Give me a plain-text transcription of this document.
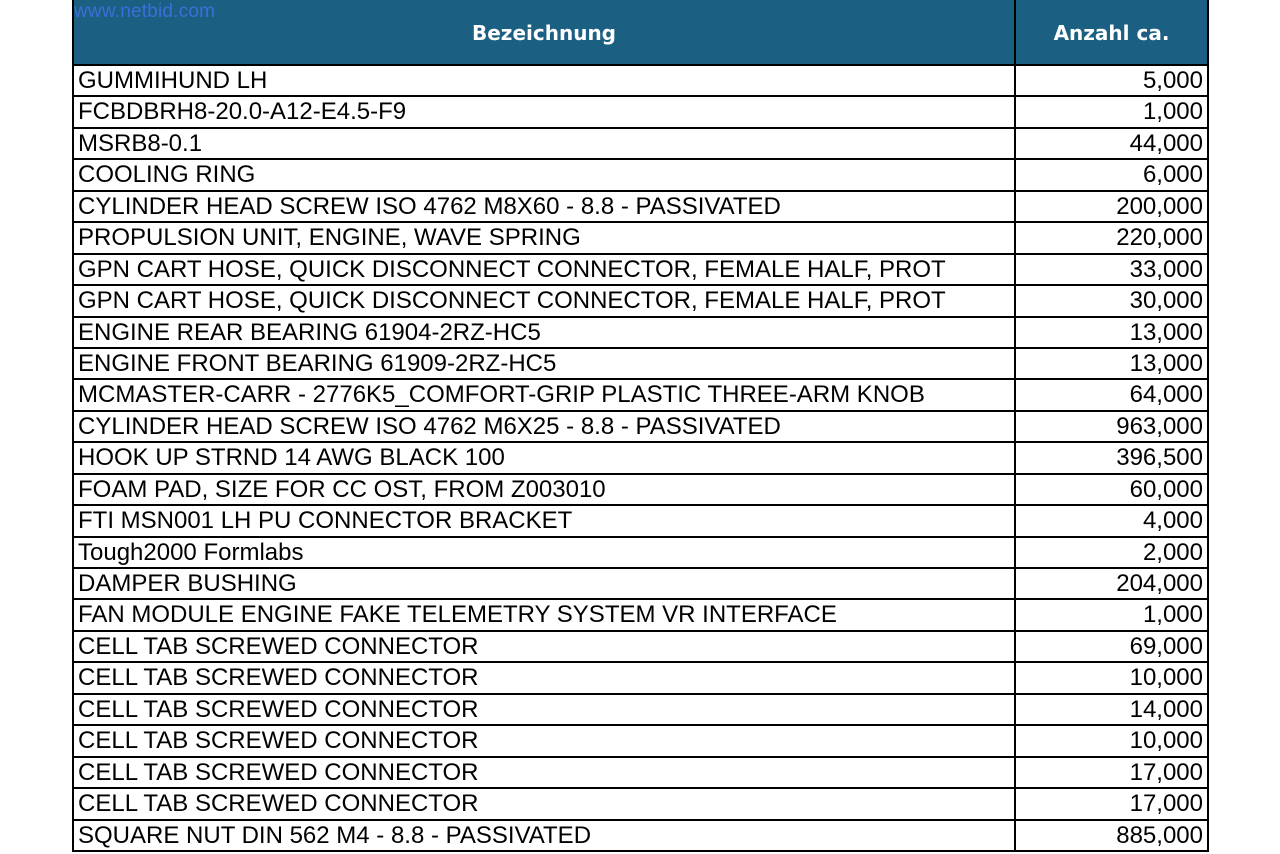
www.netbid.com
Bezeichnung	Anzahl ca.
GUMMIHUND LH	5,000
FCBDBRH8-20.0-A12-E4.5-F9	1,000
MSRB8-0.1	44,000
COOLING RING	6,000
CYLINDER HEAD SCREW ISO 4762 M8X60 - 8.8 - PASSIVATED	200,000
PROPULSION UNIT, ENGINE, WAVE SPRING	220,000
GPN CART HOSE, QUICK DISCONNECT CONNECTOR, FEMALE HALF, PROT	33,000
GPN CART HOSE, QUICK DISCONNECT CONNECTOR, FEMALE HALF, PROT	30,000
ENGINE REAR BEARING 61904-2RZ-HC5	13,000
ENGINE FRONT BEARING 61909-2RZ-HC5	13,000
MCMASTER-CARR - 2776K5_COMFORT-GRIP PLASTIC THREE-ARM KNOB	64,000
CYLINDER HEAD SCREW ISO 4762 M6X25 - 8.8 - PASSIVATED	963,000
HOOK UP STRND 14 AWG BLACK 100	396,500
FOAM PAD, SIZE FOR CC OST, FROM Z003010	60,000
FTI MSN001 LH PU CONNECTOR BRACKET	4,000
Tough2000 Formlabs	2,000
DAMPER BUSHING	204,000
FAN MODULE ENGINE FAKE TELEMETRY SYSTEM VR INTERFACE	1,000
CELL TAB SCREWED CONNECTOR	69,000
CELL TAB SCREWED CONNECTOR	10,000
CELL TAB SCREWED CONNECTOR	14,000
CELL TAB SCREWED CONNECTOR	10,000
CELL TAB SCREWED CONNECTOR	17,000
CELL TAB SCREWED CONNECTOR	17,000
SQUARE NUT DIN 562 M4 - 8.8 - PASSIVATED	885,000
